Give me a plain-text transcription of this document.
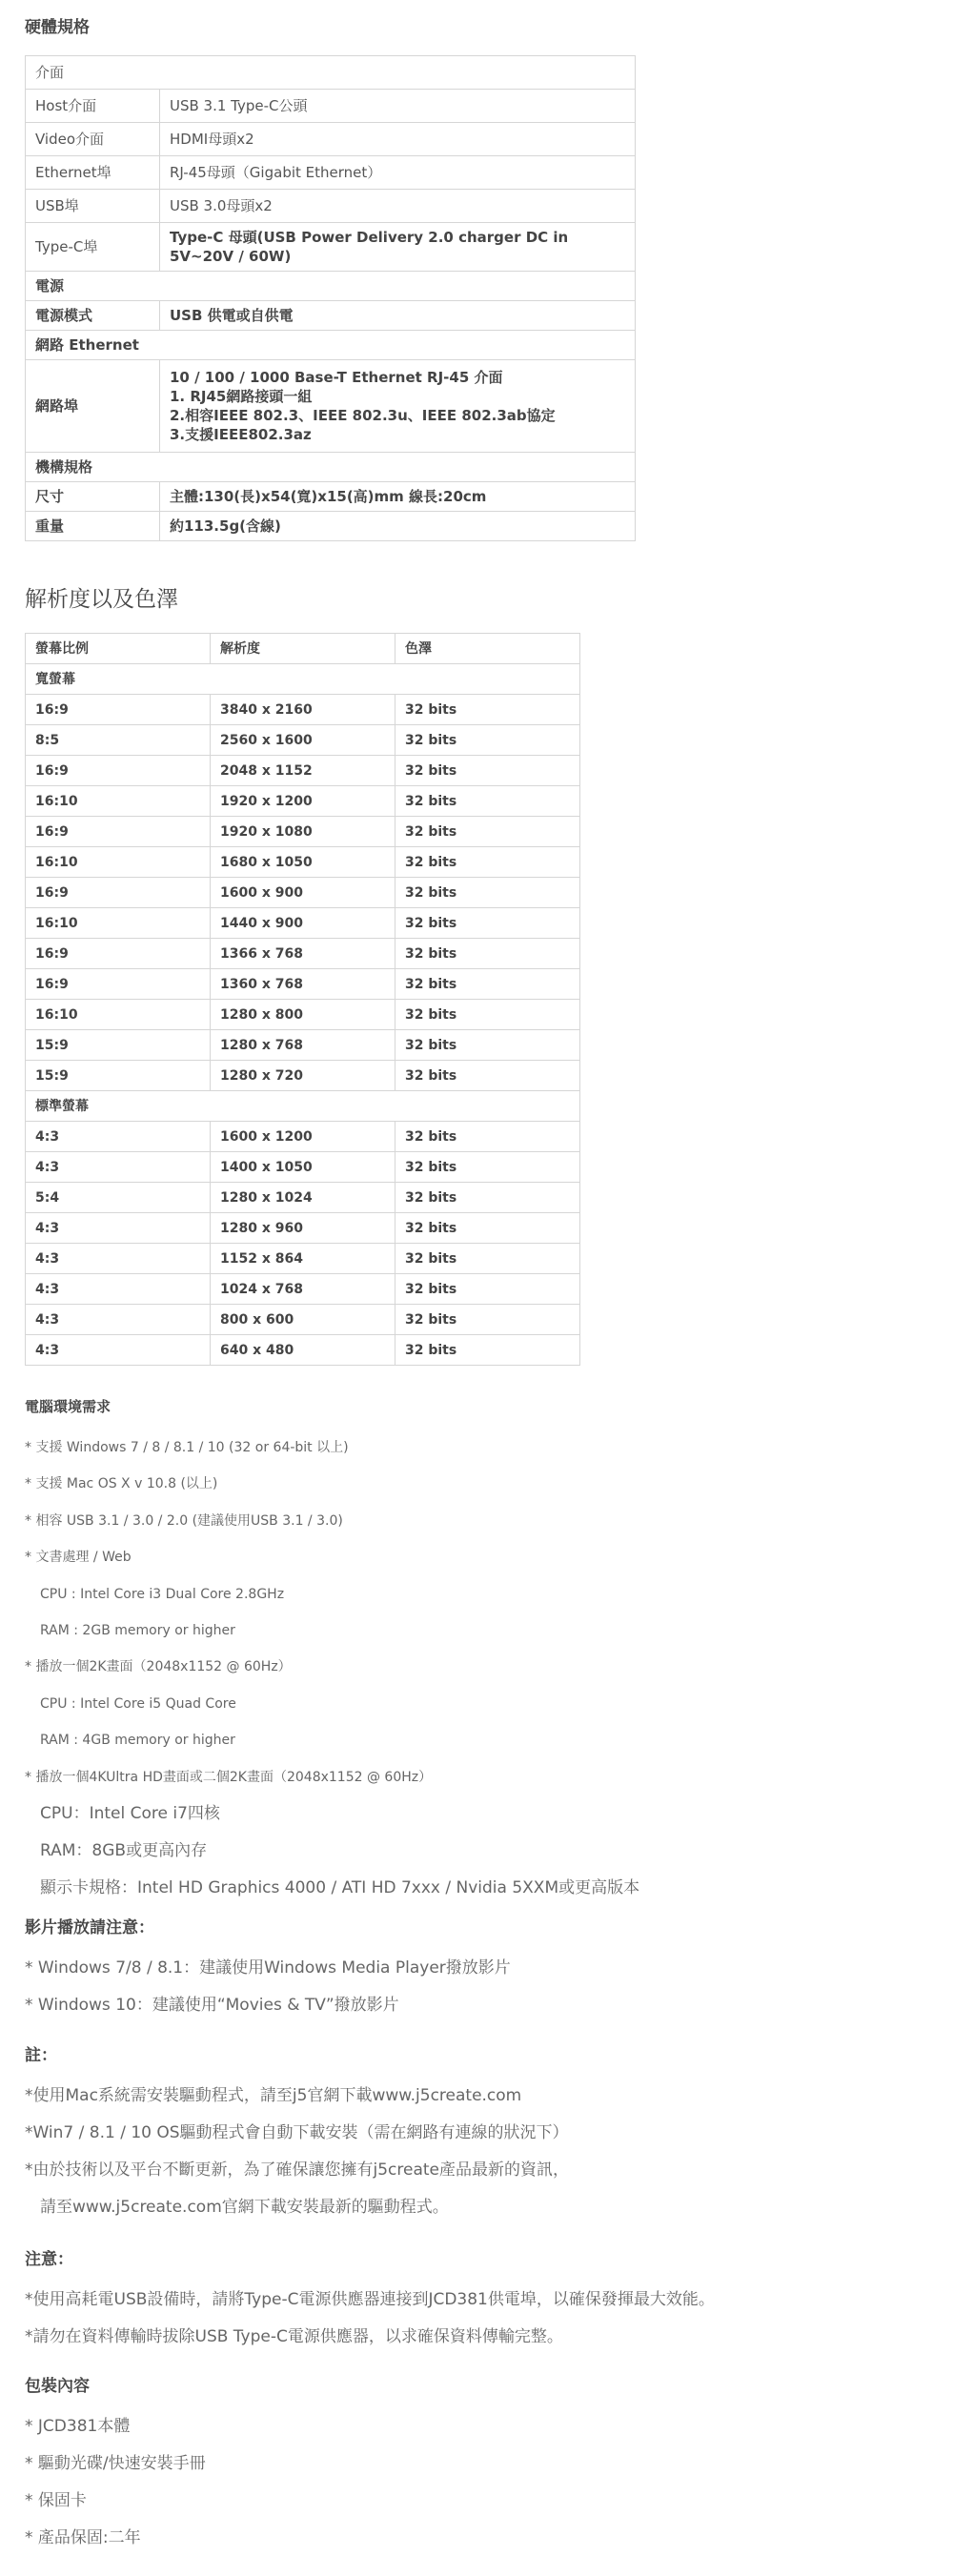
硬體規格
介面	
Host介面	USB 3.1 Type-C公頭
Video介面	HDMI母頭x2
Ethernet埠	RJ-45母頭（Gigabit Ethernet）
USB埠	USB 3.0母頭x2
Type-C埠	Type-C 母頭(USB Power Delivery 2.0 charger DC in 5V~20V / 60W)
電源	
電源模式	USB 供電或自供電
網路 Ethernet	
網路埠	10 / 100 / 1000 Base-T Ethernet RJ-45 介面
1. RJ45網路接頭一組
2.相容IEEE 802.3、IEEE 802.3u、IEEE 802.3ab協定
3.支援IEEE802.3az

機構規格	
尺寸	主體:130(長)x54(寬)x15(高)mm 線長:20cm
重量	約113.5g(含線)
解析度以及色澤
螢幕比例	解析度	色澤
寬螢幕		
16:9	3840 x 2160	32 bits
8:5	2560 x 1600	32 bits
16:9	2048 x 1152	32 bits
16:10	1920 x 1200	32 bits
16:9	1920 x 1080	32 bits
16:10	1680 x 1050	32 bits
16:9	1600 x 900	32 bits
16:10	1440 x 900	32 bits
16:9	1366 x 768	32 bits
16:9	1360 x 768	32 bits
16:10	1280 x 800	32 bits
15:9	1280 x 768	32 bits
15:9	1280 x 720	32 bits
標準螢幕		
4:3	1600 x 1200	32 bits
4:3	1400 x 1050	32 bits
5:4	1280 x 1024	32 bits
4:3	1280 x 960	32 bits
4:3	1152 x 864	32 bits
4:3	1024 x 768	32 bits
4:3	800 x 600	32 bits
4:3	640 x 480	32 bits
電腦環境需求
* 支援 Windows 7 / 8 / 8.1 / 10 (32 or 64-bit 以上)
* 支援 Mac OS X v 10.8 (以上)
* 相容 USB 3.1 / 3.0 / 2.0 (建議使用USB 3.1 / 3.0)
* 文書處理 / Web
CPU : Intel Core i3 Dual Core 2.8GHz
RAM : 2GB memory or higher
* 播放一個2K畫面（2048x1152 @ 60Hz）
CPU : Intel Core i5 Quad Core
RAM : 4GB memory or higher
* 播放一個4KUltra HD畫面或二個2K畫面（2048x1152 @ 60Hz）
CPU：Intel Core i7四核
RAM：8GB或更高內存
顯示卡規格：Intel HD Graphics 4000 / ATI HD 7xxx / Nvidia 5XXM或更高版本
影片播放請注意：
* Windows 7/8 / 8.1：建議使用Windows Media Player撥放影片
* Windows 10：建議使用“Movies & TV”撥放影片
註：
*使用Mac系統需安裝驅動程式，請至j5官網下載www.j5create.com
*Win7 / 8.1 / 10 OS驅動程式會自動下載安裝（需在網路有連線的狀況下）
*由於技術以及平台不斷更新，為了確保讓您擁有j5create產品最新的資訊，
請至www.j5create.com官網下載安裝最新的驅動程式。
注意：
*使用高耗電USB設備時，請將Type-C電源供應器連接到JCD381供電埠，以確保發揮最大效能。
*請勿在資料傳輸時拔除USB Type-C電源供應器，以求確保資料傳輸完整。
包裝內容
* JCD381本體
* 驅動光碟/快速安裝手冊
* 保固卡
* 產品保固:二年
